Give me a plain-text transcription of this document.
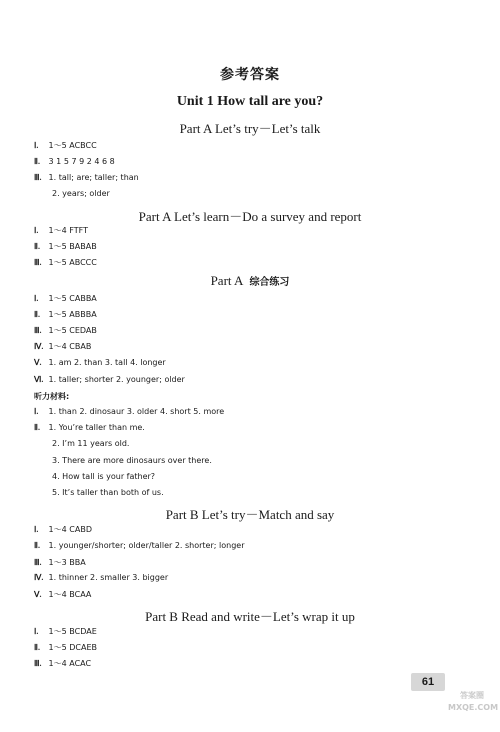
参考答案
Unit 1 How tall are you?
Part A Let’s try－Let’s talk
Ⅰ. 1～5 ACBCC
Ⅱ. 3 1 5 7 9 2 4 6 8
Ⅲ. 1. tall; are; taller; than
2. years; older
Part A Let’s learn－Do a survey and report
Ⅰ. 1～4 FTFT
Ⅱ. 1～5 BABAB
Ⅲ. 1～5 ABCCC
Part A 综合练习
Ⅰ. 1～5 CABBA
Ⅱ. 1～5 ABBBA
Ⅲ. 1～5 CEDAB
Ⅳ. 1～4 CBAB
Ⅴ. 1. am 2. than 3. tall 4. longer
Ⅵ. 1. taller; shorter 2. younger; older
听力材料:
Ⅰ. 1. than 2. dinosaur 3. older 4. short 5. more
Ⅱ. 1. You’re taller than me.
2. I’m 11 years old.
3. There are more dinosaurs over there.
4. How tall is your father?
5. It’s taller than both of us.
Part B Let’s try－Match and say
Ⅰ. 1～4 CABD
Ⅱ. 1. younger/shorter; older/taller 2. shorter; longer
Ⅲ. 1～3 BBA
Ⅳ. 1. thinner 2. smaller 3. bigger
Ⅴ. 1～4 BCAA
Part B Read and write－Let’s wrap it up
Ⅰ. 1～5 BCDAE
Ⅱ. 1～5 DCAEB
Ⅲ. 1～4 ACAC
61
答案圈 MXQE.COM
